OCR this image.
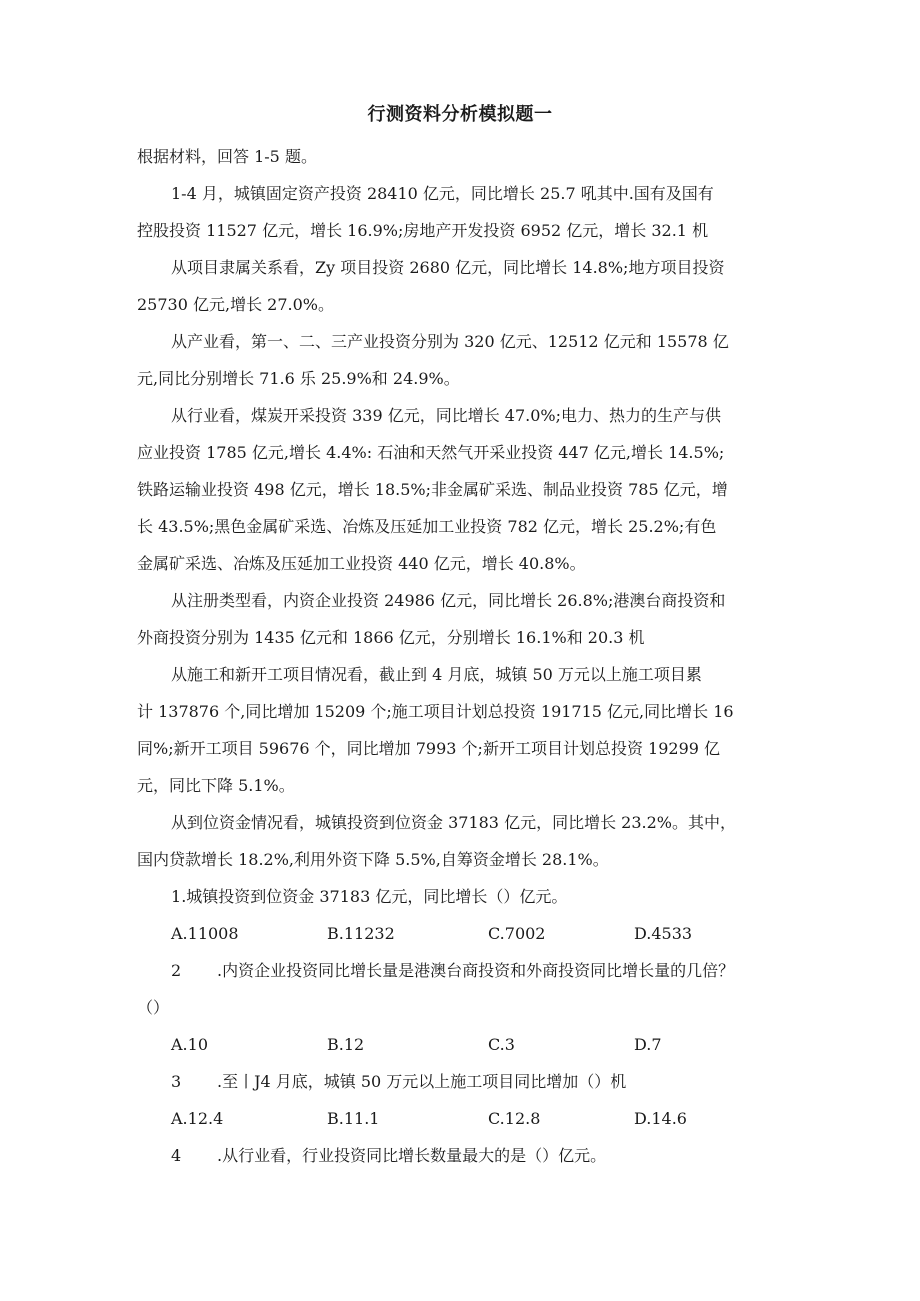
行测资料分析模拟题一

根据材料，回答 1-5 题。

1-4 月，城镇固定资产投资 28410 亿元，同比增长 25.7 吼其中.国有及国有

控股投资 11527 亿元，增长 16.9%;房地产开发投资 6952 亿元，增长 32.1 机

从项目隶属关系看，Zy 项目投资 2680 亿元，同比增长 14.8%;地方项目投资

25730 亿元,增长 27.0%。

从产业看，第一、二、三产业投资分别为 320 亿元、12512 亿元和 15578 亿

元,同比分别增长 71.6 乐 25.9%和 24.9%。

从行业看，煤炭开采投资 339 亿元，同比增长 47.0%;电力、热力的生产与供

应业投资 1785 亿元,增长 4.4%: 石油和天然气开采业投资 447 亿元,增长 14.5%;

铁路运输业投资 498 亿元，增长 18.5%;非金属矿采选、制品业投资 785 亿元，增

长 43.5%;黑色金属矿采选、冶炼及压延加工业投资 782 亿元，增长 25.2%;有色

金属矿采选、冶炼及压延加工业投资 440 亿元，增长 40.8%。

从注册类型看，内资企业投资 24986 亿元，同比增长 26.8%;港澳台商投资和

外商投资分别为 1435 亿元和 1866 亿元，分别增长 16.1%和 20.3 机

从施工和新开工项目情况看，截止到 4 月底，城镇 50 万元以上施工项目累

计 137876 个,同比增加 15209 个;施工项目计划总投资 191715 亿元,同比增长 16

同%;新开工项目 59676 个，同比增加 7993 个;新开工项目计划总投资 19299 亿

元，同比下降 5.1%。

从到位资金情况看，城镇投资到位资金 37183 亿元，同比增长 23.2%。其中，

国内贷款增长 18.2%,利用外资下降 5.5%,自筹资金增长 28.1%。

1.城镇投资到位资金 37183 亿元，同比增长（）亿元。

A.11008	B.11232	C.7002	D.4533

2 .内资企业投资同比增长量是港澳台商投资和外商投资同比增长量的几倍？

（）

A.10	B.12	C.3	D.7

3 .至丨J4 月底，城镇 50 万元以上施工项目同比增加（）机

A.12.4	B.11.1	C.12.8	D.14.6

4 .从行业看，行业投资同比增长数量最大的是（）亿元。
